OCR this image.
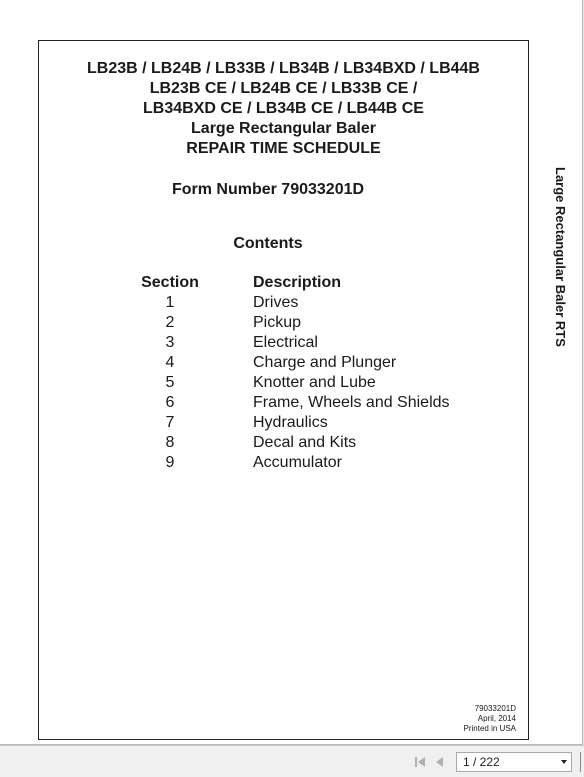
LB23B / LB24B / LB33B / LB34B / LB34BXD / LB44B
LB23B CE / LB24B CE / LB33B CE /
LB34BXD CE / LB34B CE / LB44B CE
Large Rectangular Baler
REPAIR TIME SCHEDULE
Form Number 79033201D
Contents
Section	Description
1	Drives
2	Pickup
3	Electrical
4	Charge and Plunger
5	Knotter and Lube
6	Frame, Wheels and Shields
7	Hydraulics
8	Decal and Kits
9	Accumulator
Large Rectangular Baler RTS
79033201D
April, 2014
Printed in USA
1 / 222
